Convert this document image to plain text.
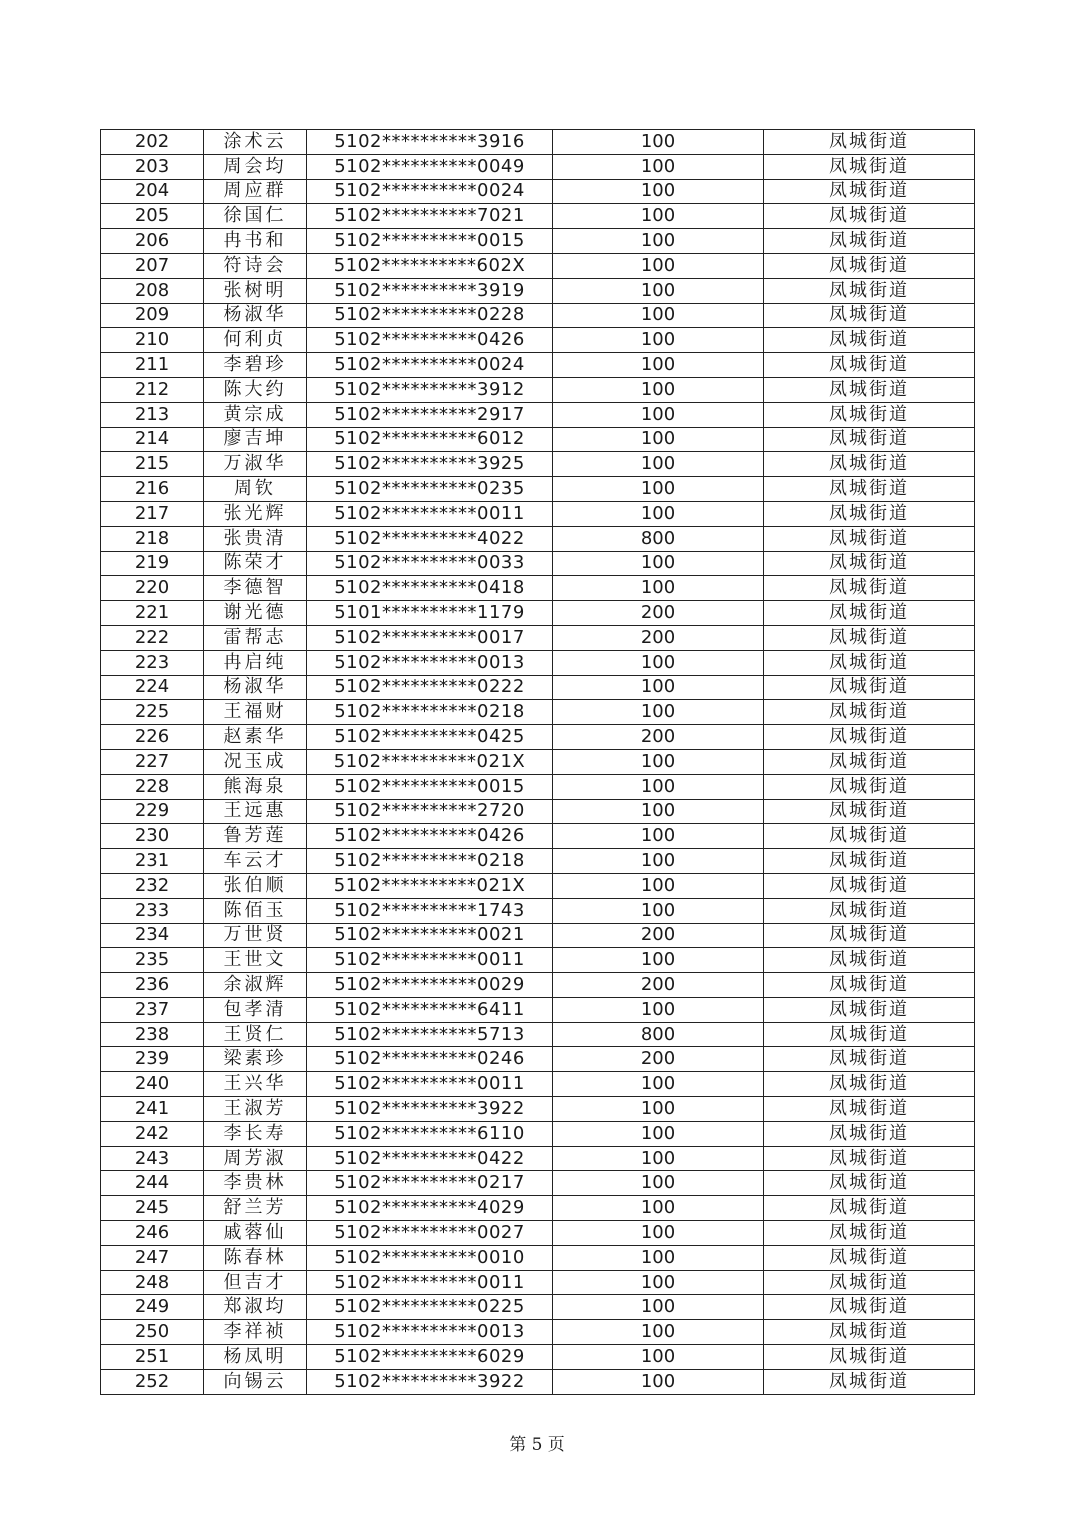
202	涂术云	5102**********3916	100	凤城街道
203	周会均	5102**********0049	100	凤城街道
204	周应群	5102**********0024	100	凤城街道
205	徐国仁	5102**********7021	100	凤城街道
206	冉书和	5102**********0015	100	凤城街道
207	符诗会	5102**********602X	100	凤城街道
208	张树明	5102**********3919	100	凤城街道
209	杨淑华	5102**********0228	100	凤城街道
210	何利贞	5102**********0426	100	凤城街道
211	李碧珍	5102**********0024	100	凤城街道
212	陈大约	5102**********3912	100	凤城街道
213	黄宗成	5102**********2917	100	凤城街道
214	廖吉坤	5102**********6012	100	凤城街道
215	万淑华	5102**********3925	100	凤城街道
216	周钦	5102**********0235	100	凤城街道
217	张光辉	5102**********0011	100	凤城街道
218	张贵清	5102**********4022	800	凤城街道
219	陈荣才	5102**********0033	100	凤城街道
220	李德智	5102**********0418	100	凤城街道
221	谢光德	5101**********1179	200	凤城街道
222	雷帮志	5102**********0017	200	凤城街道
223	冉启纯	5102**********0013	100	凤城街道
224	杨淑华	5102**********0222	100	凤城街道
225	王福财	5102**********0218	100	凤城街道
226	赵素华	5102**********0425	200	凤城街道
227	况玉成	5102**********021X	100	凤城街道
228	熊海泉	5102**********0015	100	凤城街道
229	王远惠	5102**********2720	100	凤城街道
230	鲁芳莲	5102**********0426	100	凤城街道
231	车云才	5102**********0218	100	凤城街道
232	张伯顺	5102**********021X	100	凤城街道
233	陈佰玉	5102**********1743	100	凤城街道
234	万世贤	5102**********0021	200	凤城街道
235	王世文	5102**********0011	100	凤城街道
236	余淑辉	5102**********0029	200	凤城街道
237	包孝清	5102**********6411	100	凤城街道
238	王贤仁	5102**********5713	800	凤城街道
239	梁素珍	5102**********0246	200	凤城街道
240	王兴华	5102**********0011	100	凤城街道
241	王淑芳	5102**********3922	100	凤城街道
242	李长寿	5102**********6110	100	凤城街道
243	周芳淑	5102**********0422	100	凤城街道
244	李贵林	5102**********0217	100	凤城街道
245	舒兰芳	5102**********4029	100	凤城街道
246	戚蓉仙	5102**********0027	100	凤城街道
247	陈春林	5102**********0010	100	凤城街道
248	但吉才	5102**********0011	100	凤城街道
249	郑淑均	5102**********0225	100	凤城街道
250	李祥祯	5102**********0013	100	凤城街道
251	杨凤明	5102**********6029	100	凤城街道
252	向锡云	5102**********3922	100	凤城街道
第 5 页
